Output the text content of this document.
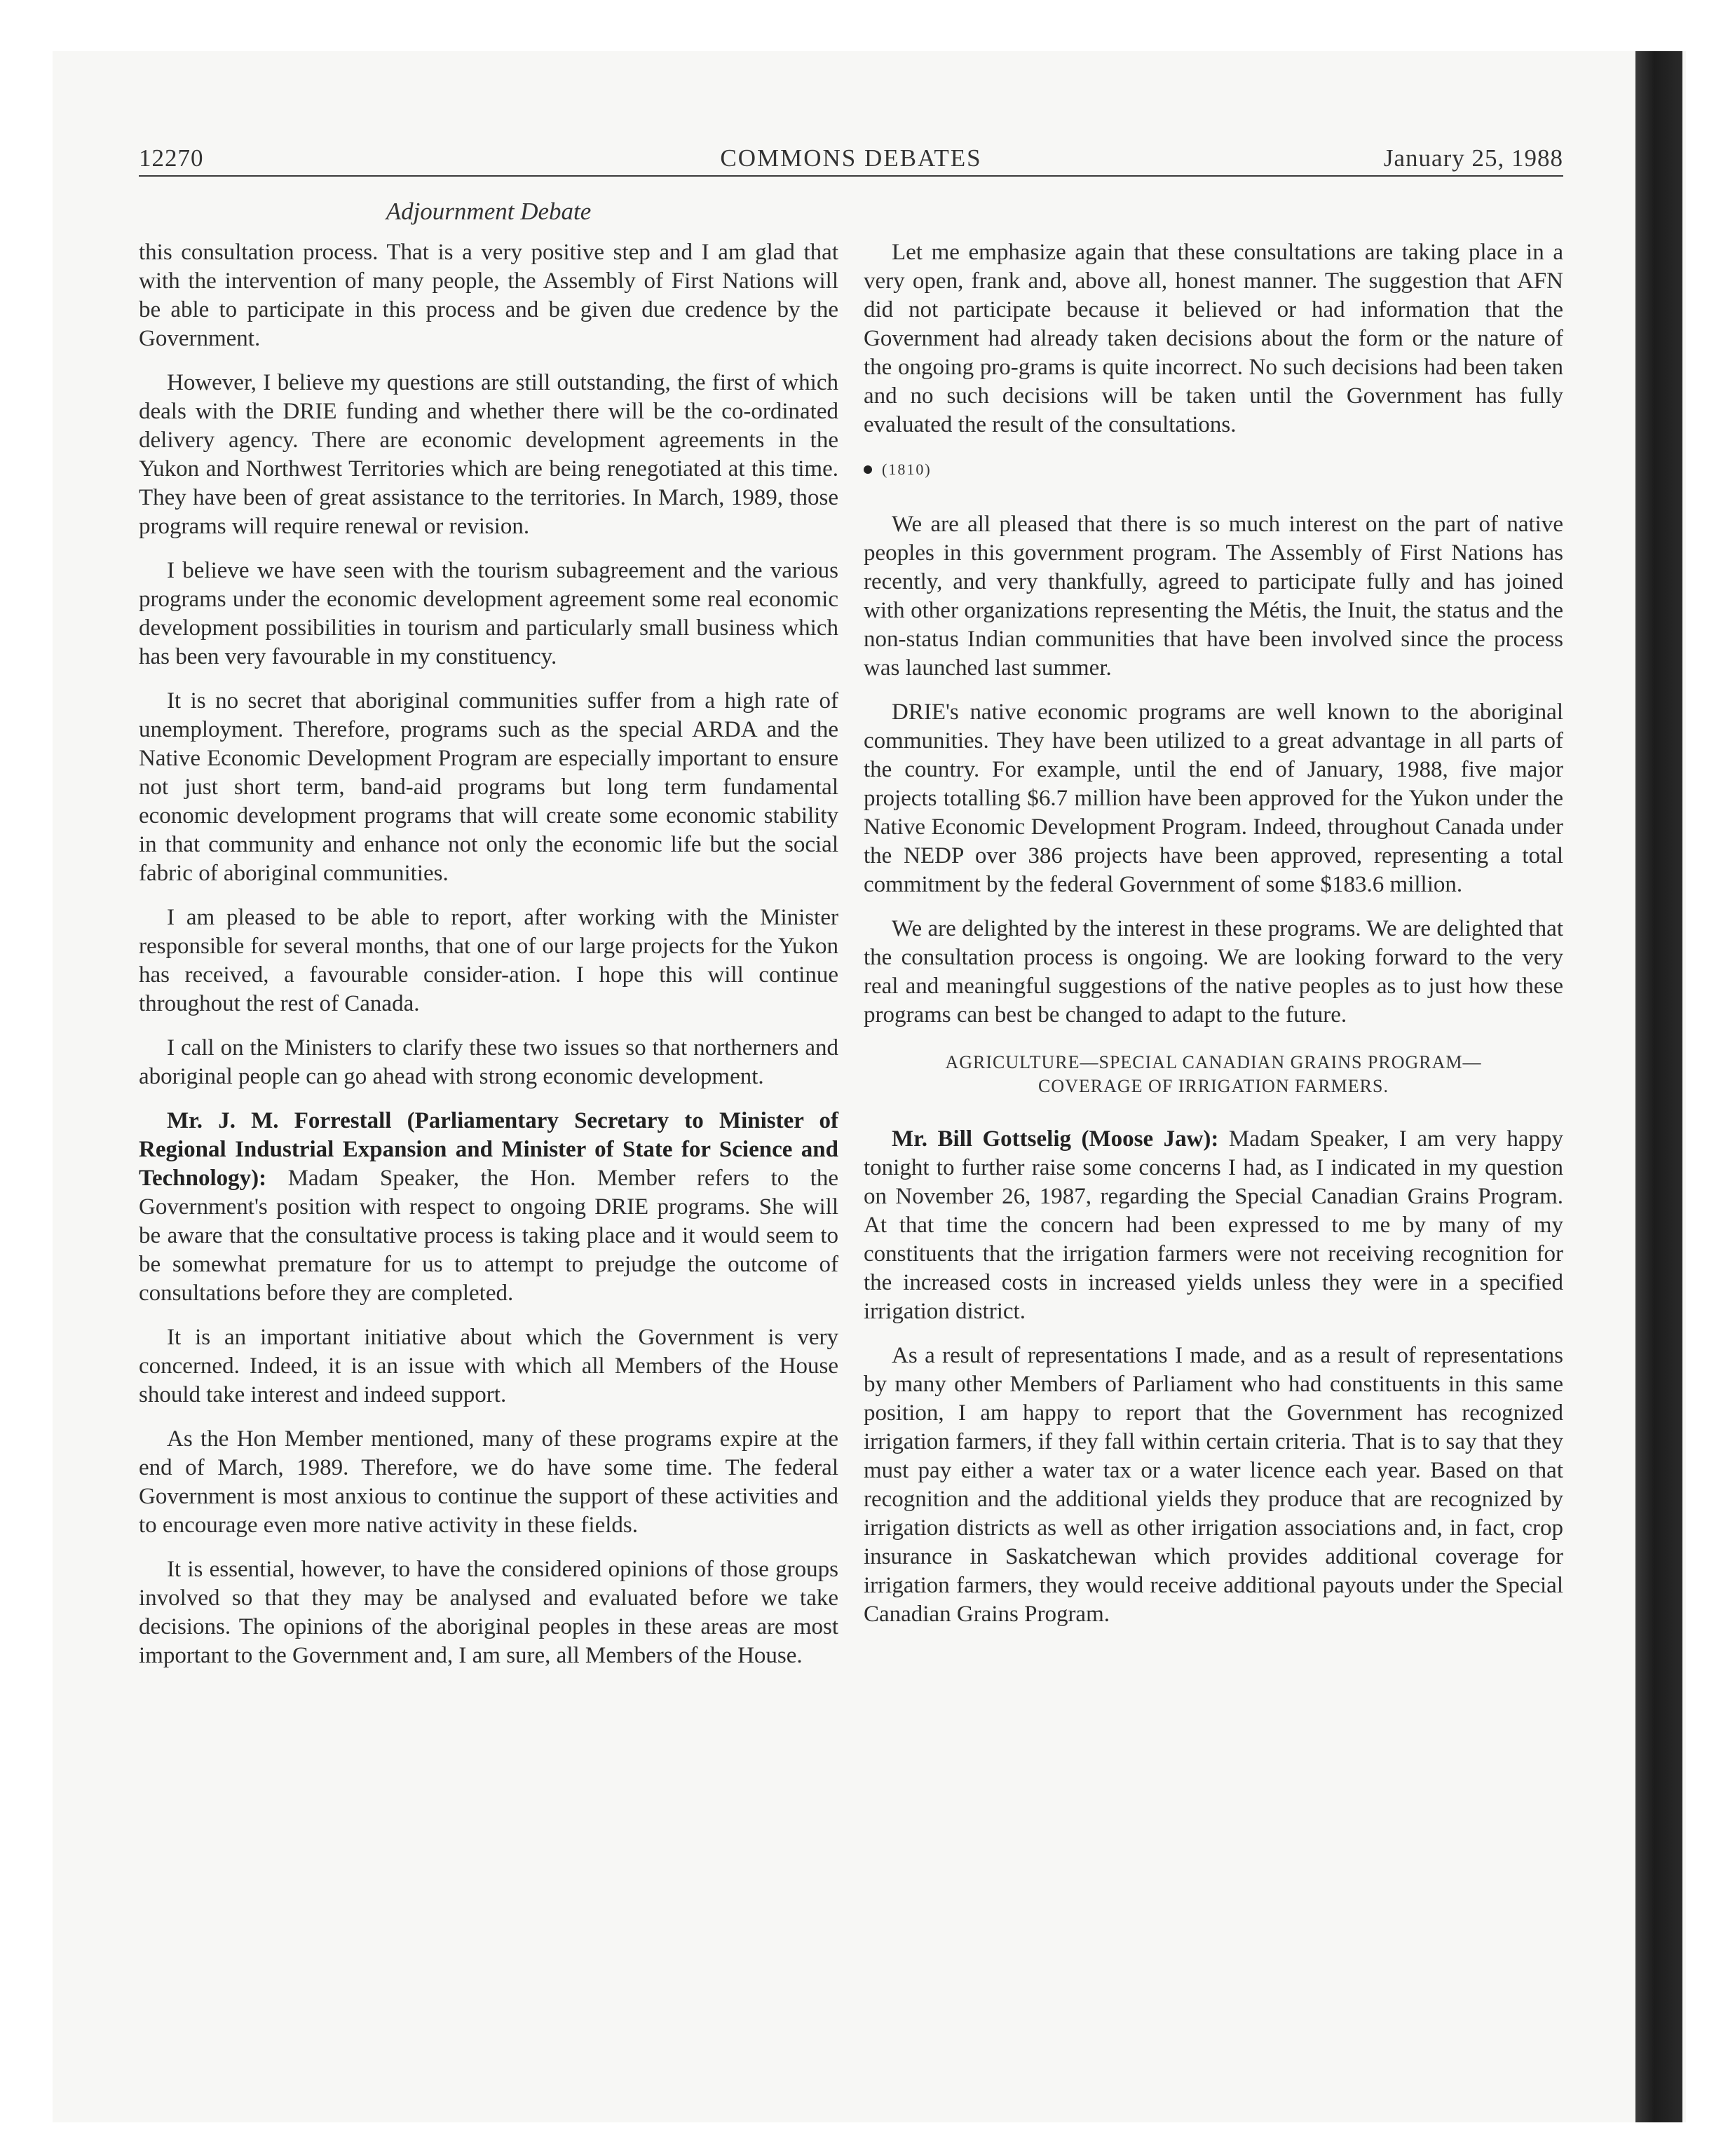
12270	COMMONS DEBATES	January 25, 1988
Adjournment Debate

this consultation process. That is a very positive step and I am glad that with the intervention of many people, the Assembly of First Nations will be able to participate in this process and be given due credence by the Government.

However, I believe my questions are still outstanding, the first of which deals with the DRIE funding and whether there will be the co-ordinated delivery agency. There are economic development agreements in the Yukon and Northwest Territories which are being renegotiated at this time. They have been of great assistance to the territories. In March, 1989, those programs will require renewal or revision.

I believe we have seen with the tourism subagreement and the various programs under the economic development agreement some real economic development possibilities in tourism and particularly small business which has been very favourable in my constituency.

It is no secret that aboriginal communities suffer from a high rate of unemployment. Therefore, programs such as the special ARDA and the Native Economic Development Program are especially important to ensure not just short term, band-aid programs but long term fundamental economic development programs that will create some economic stability in that community and enhance not only the economic life but the social fabric of aboriginal communities.

I am pleased to be able to report, after working with the Minister responsible for several months, that one of our large projects for the Yukon has received, a favourable consider-ation. I hope this will continue throughout the rest of Canada.

I call on the Ministers to clarify these two issues so that northerners and aboriginal people can go ahead with strong economic development.

Mr. J. M. Forrestall (Parliamentary Secretary to Minister of Regional Industrial Expansion and Minister of State for Science and Technology): Madam Speaker, the Hon. Member refers to the Government's position with respect to ongoing DRIE programs. She will be aware that the consultative process is taking place and it would seem to be somewhat premature for us to attempt to prejudge the outcome of consultations before they are completed.

It is an important initiative about which the Government is very concerned. Indeed, it is an issue with which all Members of the House should take interest and indeed support.

As the Hon Member mentioned, many of these programs expire at the end of March, 1989. Therefore, we do have some time. The federal Government is most anxious to continue the support of these activities and to encourage even more native activity in these fields.

It is essential, however, to have the considered opinions of those groups involved so that they may be analysed and evaluated before we take decisions. The opinions of the aboriginal peoples in these areas are most important to the Government and, I am sure, all Members of the House.

Let me emphasize again that these consultations are taking place in a very open, frank and, above all, honest manner. The suggestion that AFN did not participate because it believed or had information that the Government had already taken decisions about the form or the nature of the ongoing pro-grams is quite incorrect. No such decisions had been taken and no such decisions will be taken until the Government has fully evaluated the result of the consultations.

(1810)

We are all pleased that there is so much interest on the part of native peoples in this government program. The Assembly of First Nations has recently, and very thankfully, agreed to participate fully and has joined with other organizations representing the Métis, the Inuit, the status and the non-status Indian communities that have been involved since the process was launched last summer.

DRIE's native economic programs are well known to the aboriginal communities. They have been utilized to a great advantage in all parts of the country. For example, until the end of January, 1988, five major projects totalling $6.7 million have been approved for the Yukon under the Native Economic Development Program. Indeed, throughout Canada under the NEDP over 386 projects have been approved, representing a total commitment by the federal Government of some $183.6 million.

We are delighted by the interest in these programs. We are delighted that the consultation process is ongoing. We are looking forward to the very real and meaningful suggestions of the native peoples as to just how these programs can best be changed to adapt to the future.

AGRICULTURE—SPECIAL CANADIAN GRAINS PROGRAM—
COVERAGE OF IRRIGATION FARMERS.

Mr. Bill Gottselig (Moose Jaw): Madam Speaker, I am very happy tonight to further raise some concerns I had, as I indicated in my question on November 26, 1987, regarding the Special Canadian Grains Program. At that time the concern had been expressed to me by many of my constituents that the irrigation farmers were not receiving recognition for the increased costs in increased yields unless they were in a specified irrigation district.

As a result of representations I made, and as a result of representations by many other Members of Parliament who had constituents in this same position, I am happy to report that the Government has recognized irrigation farmers, if they fall within certain criteria. That is to say that they must pay either a water tax or a water licence each year. Based on that recognition and the additional yields they produce that are recognized by irrigation districts as well as other irrigation associations and, in fact, crop insurance in Saskatchewan which provides additional coverage for irrigation farmers, they would receive additional payouts under the Special Canadian Grains Program.
